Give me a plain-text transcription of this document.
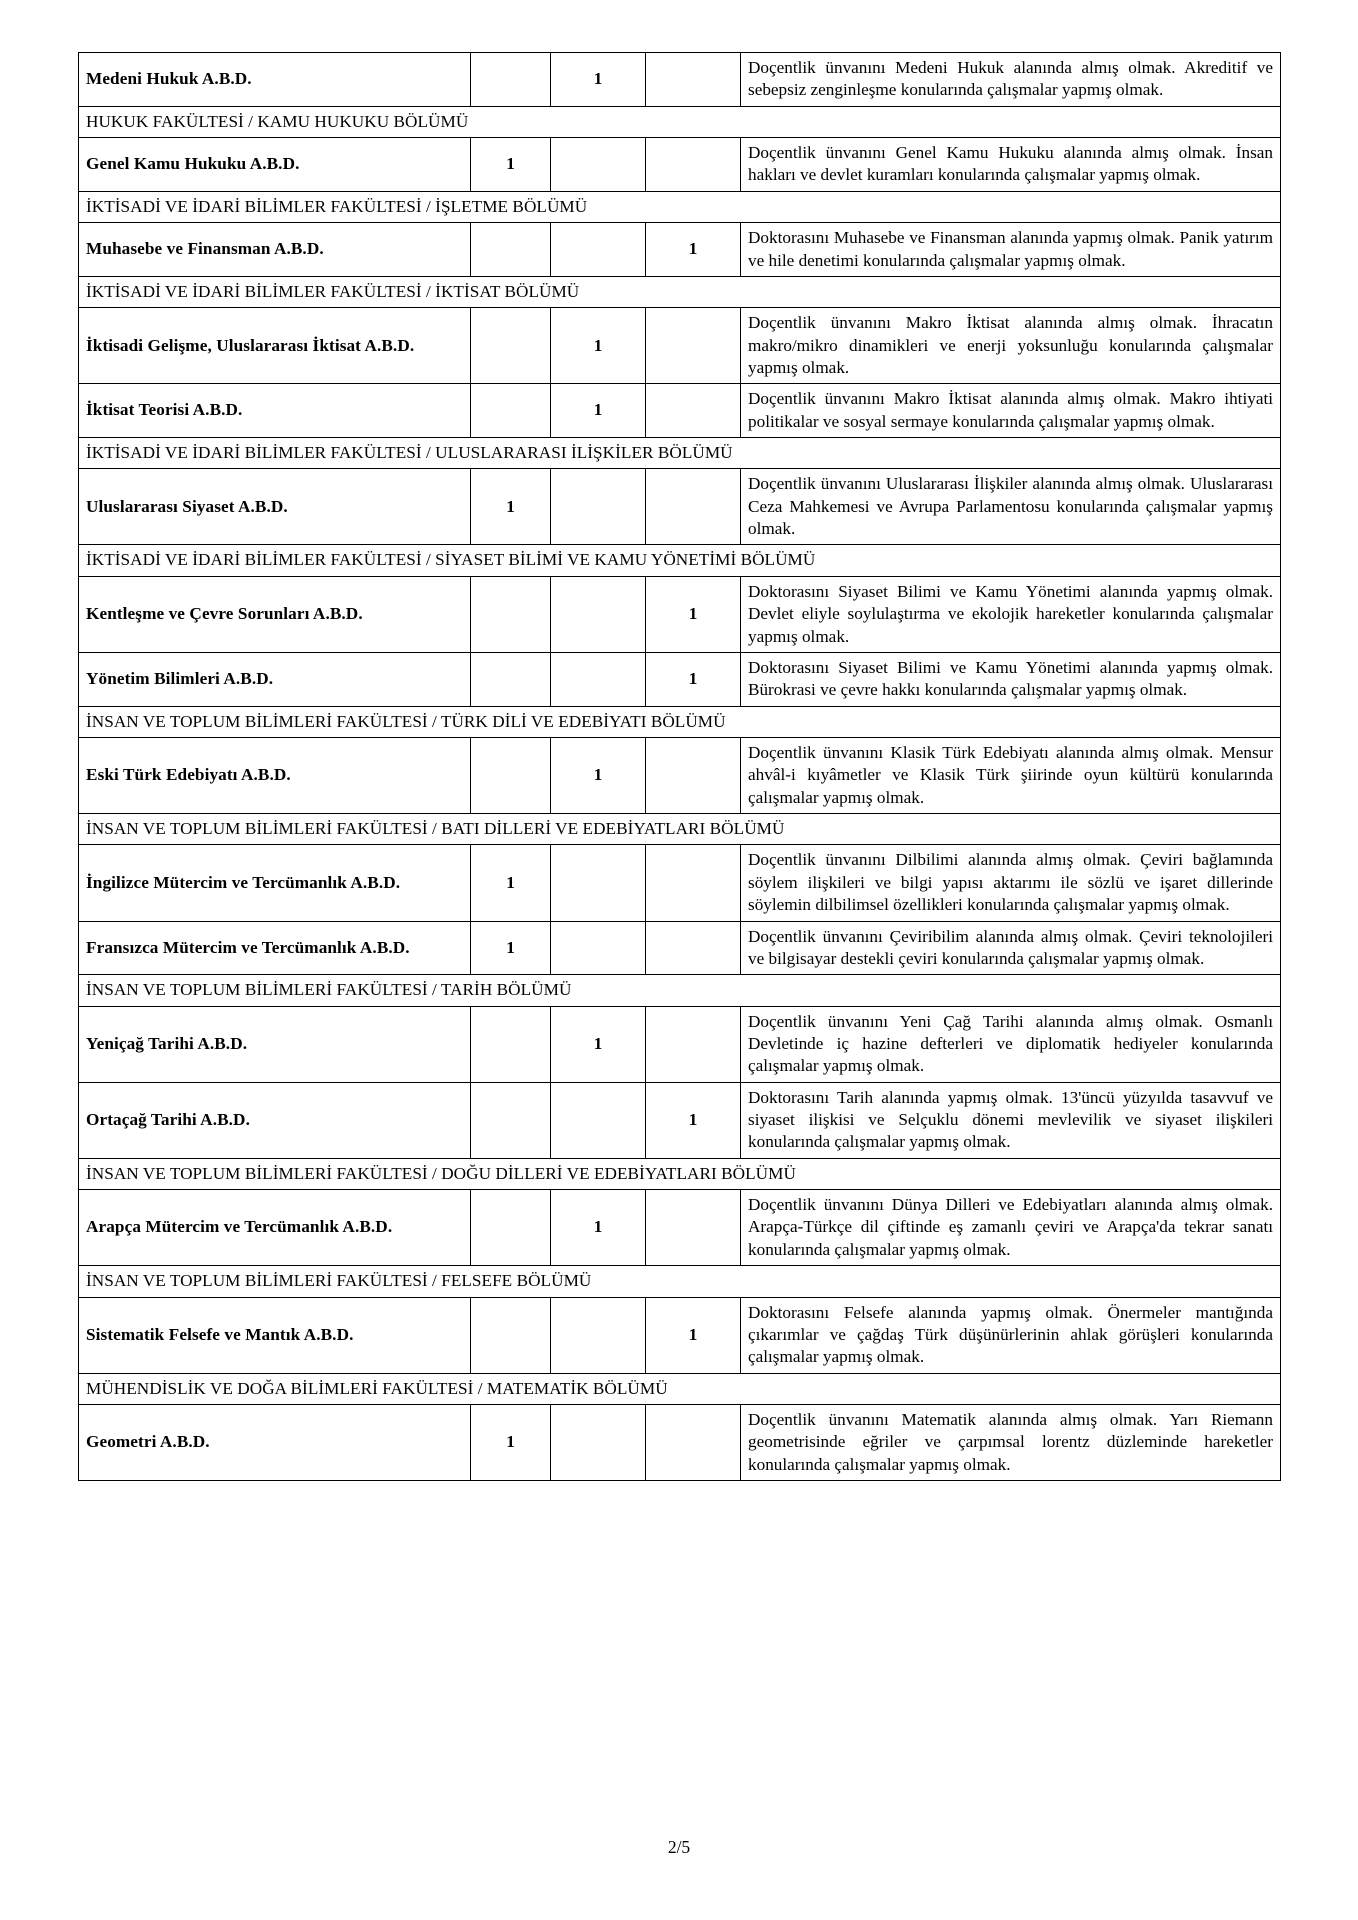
Medeni Hukuk A.B.D.		1		Doçentlik ünvanını Medeni Hukuk alanında almış olmak. Akreditif ve sebepsiz zenginleşme konularında çalışmalar yapmış olmak.
HUKUK FAKÜLTESİ / KAMU HUKUKU BÖLÜMÜ				
Genel Kamu Hukuku A.B.D.	1			Doçentlik ünvanını Genel Kamu Hukuku alanında almış olmak. İnsan hakları ve devlet kuramları konularında çalışmalar yapmış olmak.
İKTİSADİ VE İDARİ BİLİMLER FAKÜLTESİ / İŞLETME BÖLÜMÜ				
Muhasebe ve Finansman A.B.D.			1	Doktorasını Muhasebe ve Finansman alanında yapmış olmak. Panik yatırım ve hile denetimi konularında çalışmalar yapmış olmak.
İKTİSADİ VE İDARİ BİLİMLER FAKÜLTESİ / İKTİSAT BÖLÜMÜ				
İktisadi Gelişme, Uluslararası İktisat A.B.D.		1		Doçentlik ünvanını Makro İktisat alanında almış olmak. İhracatın makro/mikro dinamikleri ve enerji yoksunluğu konularında çalışmalar yapmış olmak.
İktisat Teorisi A.B.D.		1		Doçentlik ünvanını Makro İktisat alanında almış olmak. Makro ihtiyati politikalar ve sosyal sermaye konularında çalışmalar yapmış olmak.
İKTİSADİ VE İDARİ BİLİMLER FAKÜLTESİ / ULUSLARARASI İLİŞKİLER BÖLÜMÜ				
Uluslararası Siyaset A.B.D.	1			Doçentlik ünvanını Uluslararası İlişkiler alanında almış olmak. Uluslararası Ceza Mahkemesi ve Avrupa Parlamentosu konularında çalışmalar yapmış olmak.
İKTİSADİ VE İDARİ BİLİMLER FAKÜLTESİ / SİYASET BİLİMİ VE KAMU YÖNETİMİ BÖLÜMÜ				
Kentleşme ve Çevre Sorunları A.B.D.			1	Doktorasını Siyaset Bilimi ve Kamu Yönetimi alanında yapmış olmak. Devlet eliyle soylulaştırma ve ekolojik hareketler konularında çalışmalar yapmış olmak.
Yönetim Bilimleri A.B.D.			1	Doktorasını Siyaset Bilimi ve Kamu Yönetimi alanında yapmış olmak. Bürokrasi ve çevre hakkı konularında çalışmalar yapmış olmak.
İNSAN VE TOPLUM BİLİMLERİ FAKÜLTESİ / TÜRK DİLİ VE EDEBİYATI BÖLÜMÜ				
Eski Türk Edebiyatı A.B.D.		1		Doçentlik ünvanını Klasik Türk Edebiyatı alanında almış olmak. Mensur ahvâl-i kıyâmetler ve Klasik Türk şiirinde oyun kültürü konularında çalışmalar yapmış olmak.
İNSAN VE TOPLUM BİLİMLERİ FAKÜLTESİ / BATI DİLLERİ VE EDEBİYATLARI BÖLÜMÜ				
İngilizce Mütercim ve Tercümanlık A.B.D.	1			Doçentlik ünvanını Dilbilimi alanında almış olmak. Çeviri bağlamında söylem ilişkileri ve bilgi yapısı aktarımı ile sözlü ve işaret dillerinde söylemin dilbilimsel özellikleri konularında çalışmalar yapmış olmak.
Fransızca Mütercim ve Tercümanlık A.B.D.	1			Doçentlik ünvanını Çeviribilim alanında almış olmak. Çeviri teknolojileri ve bilgisayar destekli çeviri konularında çalışmalar yapmış olmak.
İNSAN VE TOPLUM BİLİMLERİ FAKÜLTESİ / TARİH BÖLÜMÜ				
Yeniçağ Tarihi A.B.D.		1		Doçentlik ünvanını Yeni Çağ Tarihi alanında almış olmak. Osmanlı Devletinde iç hazine defterleri ve diplomatik hediyeler konularında çalışmalar yapmış olmak.
Ortaçağ Tarihi A.B.D.			1	Doktorasını Tarih alanında yapmış olmak. 13'üncü yüzyılda tasavvuf ve siyaset ilişkisi ve Selçuklu dönemi mevlevilik ve siyaset ilişkileri konularında çalışmalar yapmış olmak.
İNSAN VE TOPLUM BİLİMLERİ FAKÜLTESİ / DOĞU DİLLERİ VE EDEBİYATLARI BÖLÜMÜ				
Arapça Mütercim ve Tercümanlık A.B.D.		1		Doçentlik ünvanını Dünya Dilleri ve Edebiyatları alanında almış olmak. Arapça-Türkçe dil çiftinde eş zamanlı çeviri ve Arapça'da tekrar sanatı konularında çalışmalar yapmış olmak.
İNSAN VE TOPLUM BİLİMLERİ FAKÜLTESİ / FELSEFE BÖLÜMÜ				
Sistematik Felsefe ve Mantık A.B.D.			1	Doktorasını Felsefe alanında yapmış olmak. Önermeler mantığında çıkarımlar ve çağdaş Türk düşünürlerinin ahlak görüşleri konularında çalışmalar yapmış olmak.
MÜHENDİSLİK VE DOĞA BİLİMLERİ FAKÜLTESİ / MATEMATİK BÖLÜMÜ				
Geometri A.B.D.	1			Doçentlik ünvanını Matematik alanında almış olmak. Yarı Riemann geometrisinde eğriler ve çarpımsal lorentz düzleminde hareketler konularında çalışmalar yapmış olmak.
2/5
